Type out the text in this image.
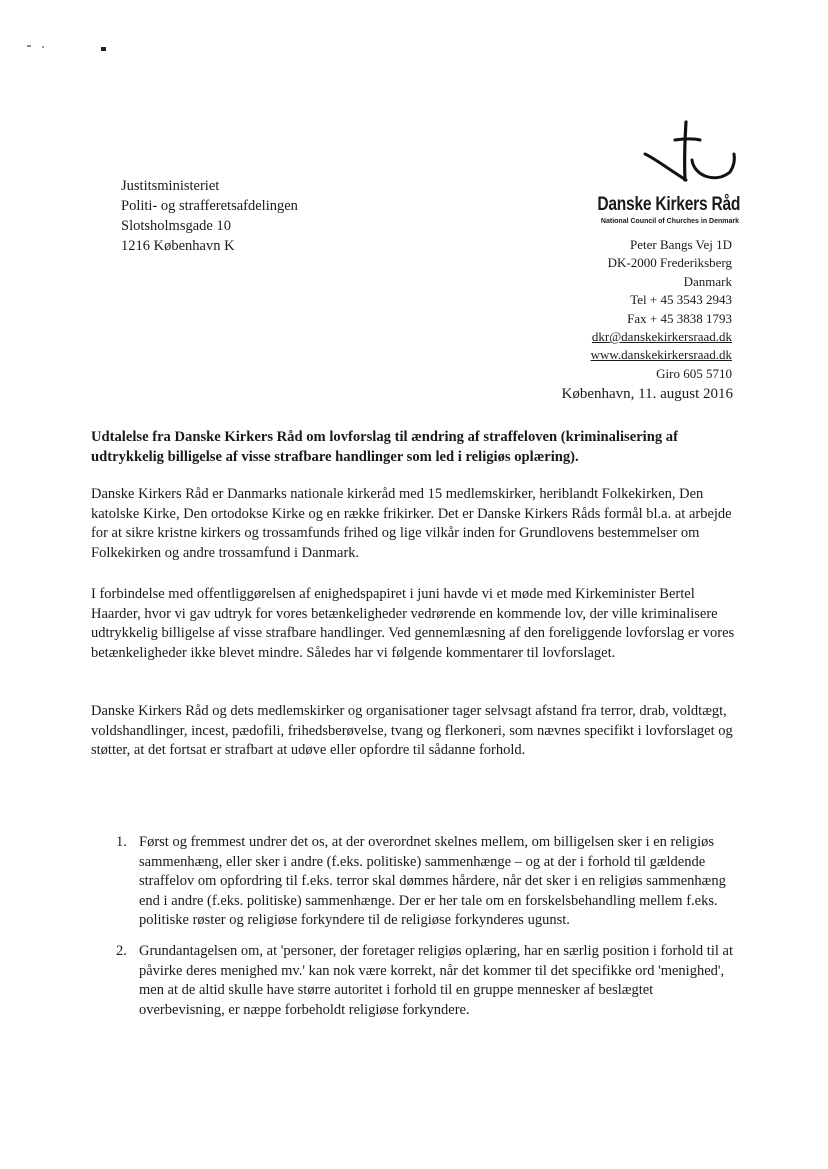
Justitsministeriet
Politi- og strafferetsafdelingen
Slotsholmsgade 10
1216 København K
Danske Kirkers Råd
National Council of Churches in Denmark
Peter Bangs Vej 1D
DK-2000 Frederiksberg
Danmark
Tel + 45 3543 2943
Fax + 45 3838 1793
dkr@danskekirkersraad.dk
www.danskekirkersraad.dk
Giro 605 5710
København, 11. august 2016
Udtalelse fra Danske Kirkers Råd om lovforslag til ændring af straffeloven (kriminalisering af udtrykkelig billigelse af visse strafbare handlinger som led i religiøs oplæring).
Danske Kirkers Råd er Danmarks nationale kirkeråd med 15 medlemskirker, heriblandt Folkekirken, Den katolske Kirke, Den ortodokse Kirke og en række frikirker. Det er Danske Kirkers Råds formål bl.a. at arbejde for at sikre kristne kirkers og trossamfunds frihed og lige vilkår inden for Grundlovens bestemmelser om Folkekirken og andre trossamfund i Danmark.
I forbindelse med offentliggørelsen af enighedspapiret i juni havde vi et møde med Kirkeminister Bertel Haarder, hvor vi gav udtryk for vores betænkeligheder vedrørende en kommende lov, der ville kriminalisere udtrykkelig billigelse af visse strafbare handlinger. Ved gennemlæsning af den foreliggende lovforslag er vores betænkeligheder ikke blevet mindre. Således har vi følgende kommentarer til lovforslaget.
Danske Kirkers Råd og dets medlemskirker og organisationer tager selvsagt afstand fra terror, drab, voldtægt, voldshandlinger, incest, pædofili, frihedsberøvelse, tvang og flerkoneri, som nævnes specifikt i lovforslaget og støtter, at det fortsat er strafbart at udøve eller opfordre til sådanne forhold.
1. Først og fremmest undrer det os, at der overordnet skelnes mellem, om billigelsen sker i en religiøs sammenhæng, eller sker i andre (f.eks. politiske) sammenhænge – og at der i forhold til gældende straffelov om opfordring til f.eks. terror skal dømmes hårdere, når det sker i en religiøs sammenhæng end i andre (f.eks. politiske) sammenhænge. Der er her tale om en forskelsbehandling mellem f.eks. politiske røster og religiøse forkyndere til de religiøse forkynderes ugunst.
2. Grundantagelsen om, at 'personer, der foretager religiøs oplæring, har en særlig position i forhold til at påvirke deres menighed mv.' kan nok være korrekt, når det kommer til det specifikke ord 'menighed', men at de altid skulle have større autoritet i forhold til en gruppe mennesker af beslægtet overbevisning, er næppe forbeholdt religiøse forkyndere.
